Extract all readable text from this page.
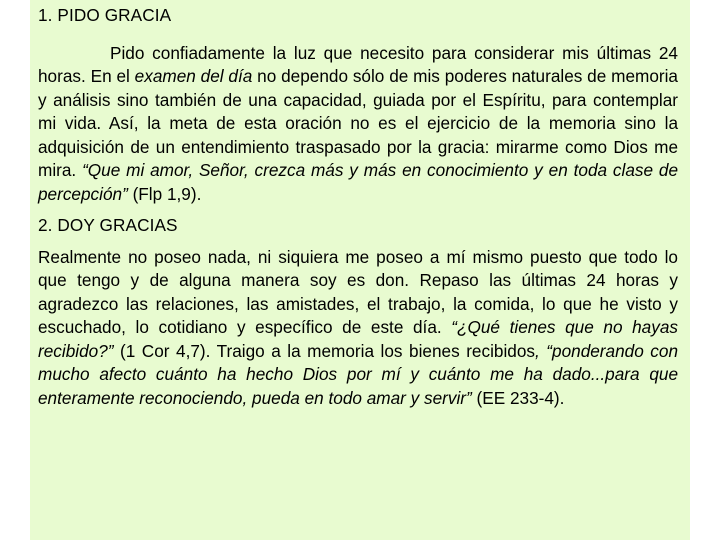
1. PIDO GRACIA

Pido confiadamente la luz que necesito para considerar mis últimas 24 horas. En el examen del día no dependo sólo de mis poderes naturales de memoria y análisis sino también de una capacidad, guiada por el Espíritu, para contemplar mi vida. Así, la meta de esta oración no es el ejercicio de la memoria sino la adquisición de un entendimiento traspasado por la gracia: mirarme como Dios me mira. “Que mi amor, Señor, crezca más y más en conocimiento y en toda clase de percepción” (Flp 1,9).

2. DOY GRACIAS

Realmente no poseo nada, ni siquiera me poseo a mí mismo puesto que todo lo que tengo y de alguna manera soy es don. Repaso las últimas 24 horas y agradezco las relaciones, las amistades, el trabajo, la comida, lo que he visto y escuchado, lo cotidiano y específico de este día. “¿Qué tienes que no hayas recibido?” (1 Cor 4,7). Traigo a la memoria los bienes recibidos, “ponderando con mucho afecto cuánto ha hecho Dios por mí y cuánto me ha dado...para que enteramente reconociendo, pueda en todo amar y servir” (EE 233-4).
